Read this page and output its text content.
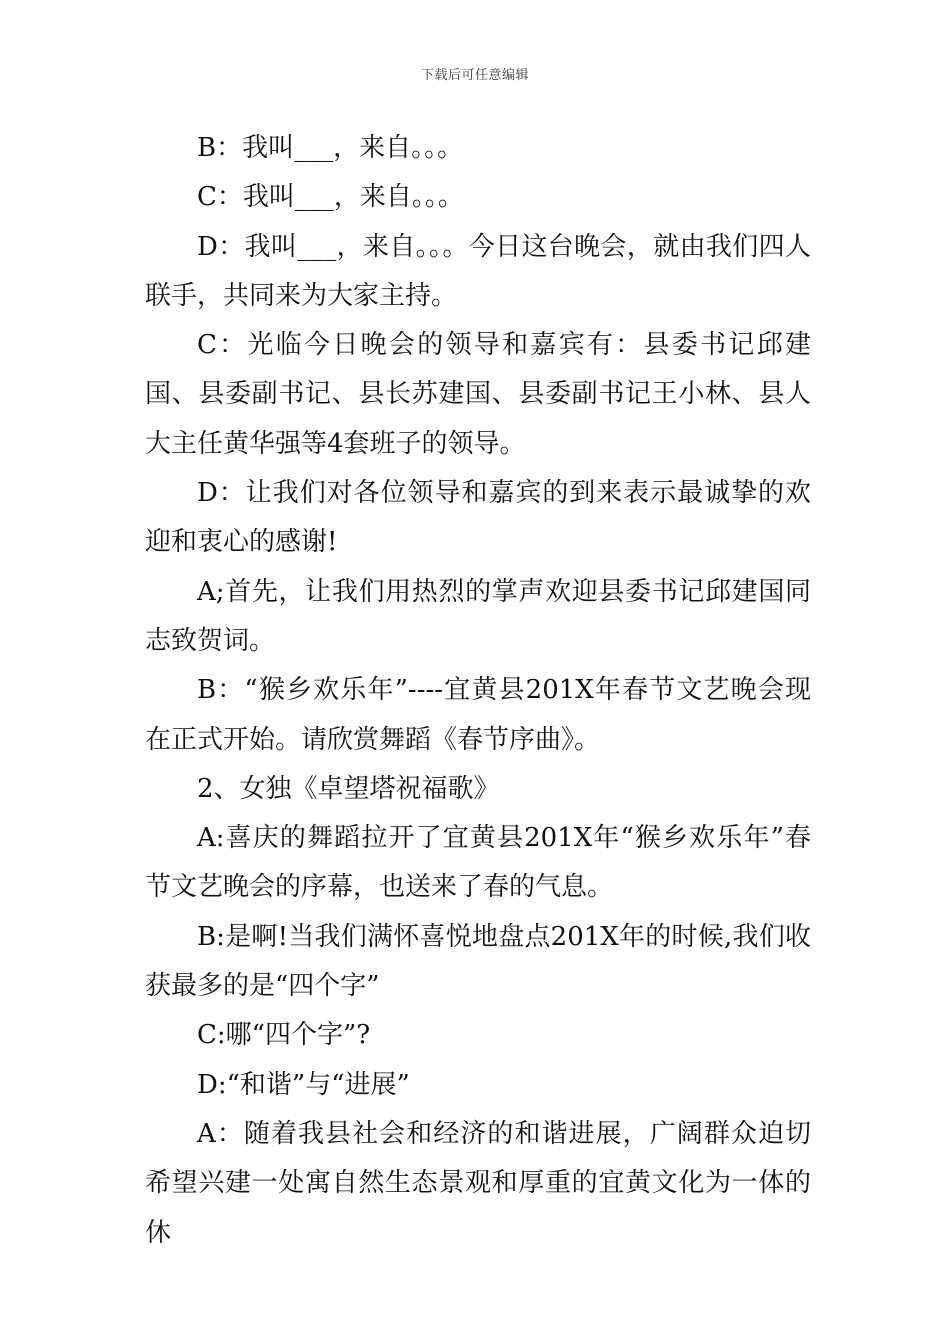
下载后可任意编辑

B：我叫___，来自。。。

C：我叫___，来自。。。

D：我叫___，来自。。。今日这台晚会，就由我们四人联手，共同来为大家主持。

C：光临今日晚会的领导和嘉宾有：县委书记邱建国、县委副书记、县长苏建国、县委副书记王小林、县人大主任黄华强等4套班子的领导。

D：让我们对各位领导和嘉宾的到来表示最诚挚的欢迎和衷心的感谢!

A;首先，让我们用热烈的掌声欢迎县委书记邱建国同志致贺词。

B：“猴乡欢乐年”----宜黄县201X年春节文艺晚会现在正式开始。请欣赏舞蹈《春节序曲》。

2、女独《卓望塔祝福歌》

A:喜庆的舞蹈拉开了宜黄县201X年“猴乡欢乐年”春节文艺晚会的序幕，也送来了春的气息。

B:是啊!当我们满怀喜悦地盘点201X年的时候,我们收获最多的是“四个字”

C:哪“四个字”?

D:“和谐”与“进展”

A：随着我县社会和经济的和谐进展，广阔群众迫切希望兴建一处寓自然生态景观和厚重的宜黄文化为一体的休
